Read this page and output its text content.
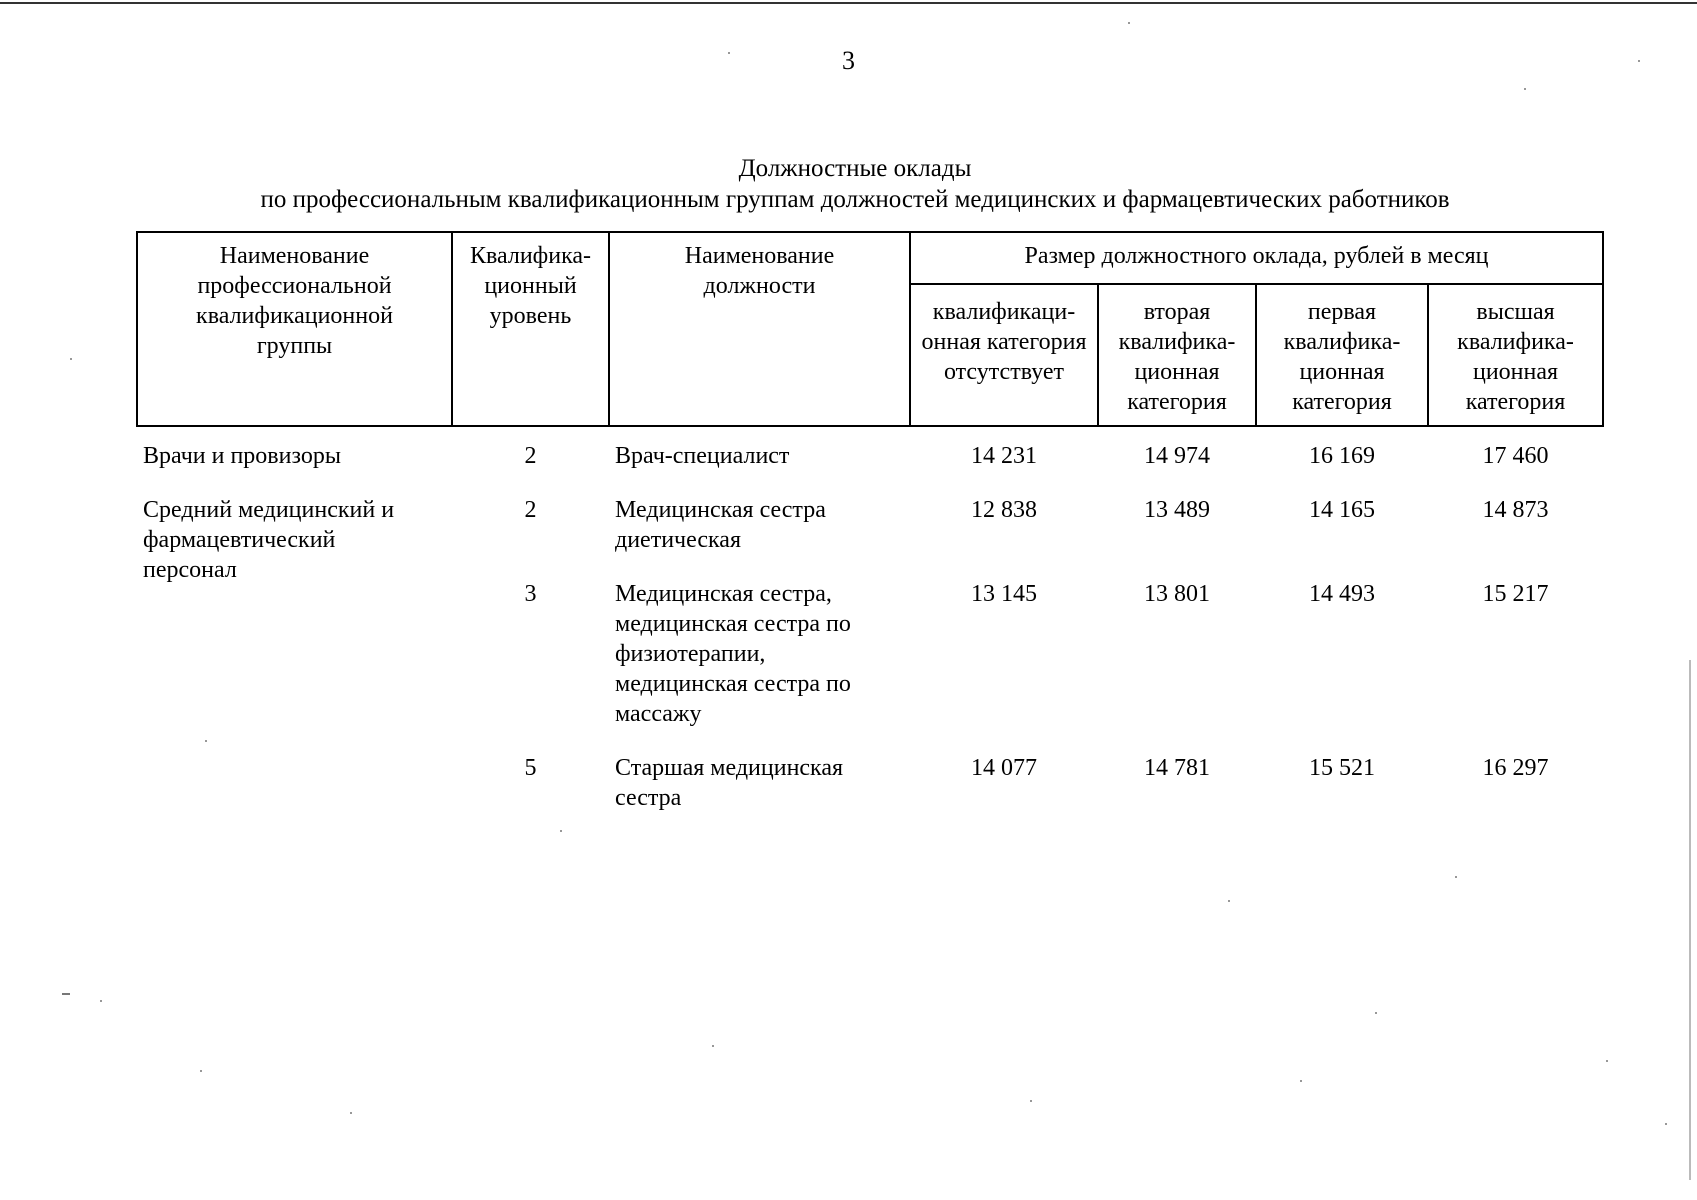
3
Должностные оклады
по профессиональным квалификационным группам должностей медицинских и фармацевтических работников
Наименование профессиональной квалификационной группы	Квалифика-ционный уровень	Наименование должности	Размер должностного оклада, рублей в месяц			
			квалификаци-онная категория отсутствует	вторая квалифика-ционная категория	первая квалифика-ционная категория	высшая квалифика-ционная категория
Врачи и провизоры	2	Врач-специалист	14 231	14 974	16 169	17 460
Средний медицинский и фармацевтический персонал	2	Медицинская сестра диетическая	12 838	13 489	14 165	14 873
	3	Медицинская сестра, медицинская сестра по физиотерапии, медицинская сестра по массажу	13 145	13 801	14 493	15 217
	5	Старшая медицинская сестра	14 077	14 781	15 521	16 297
